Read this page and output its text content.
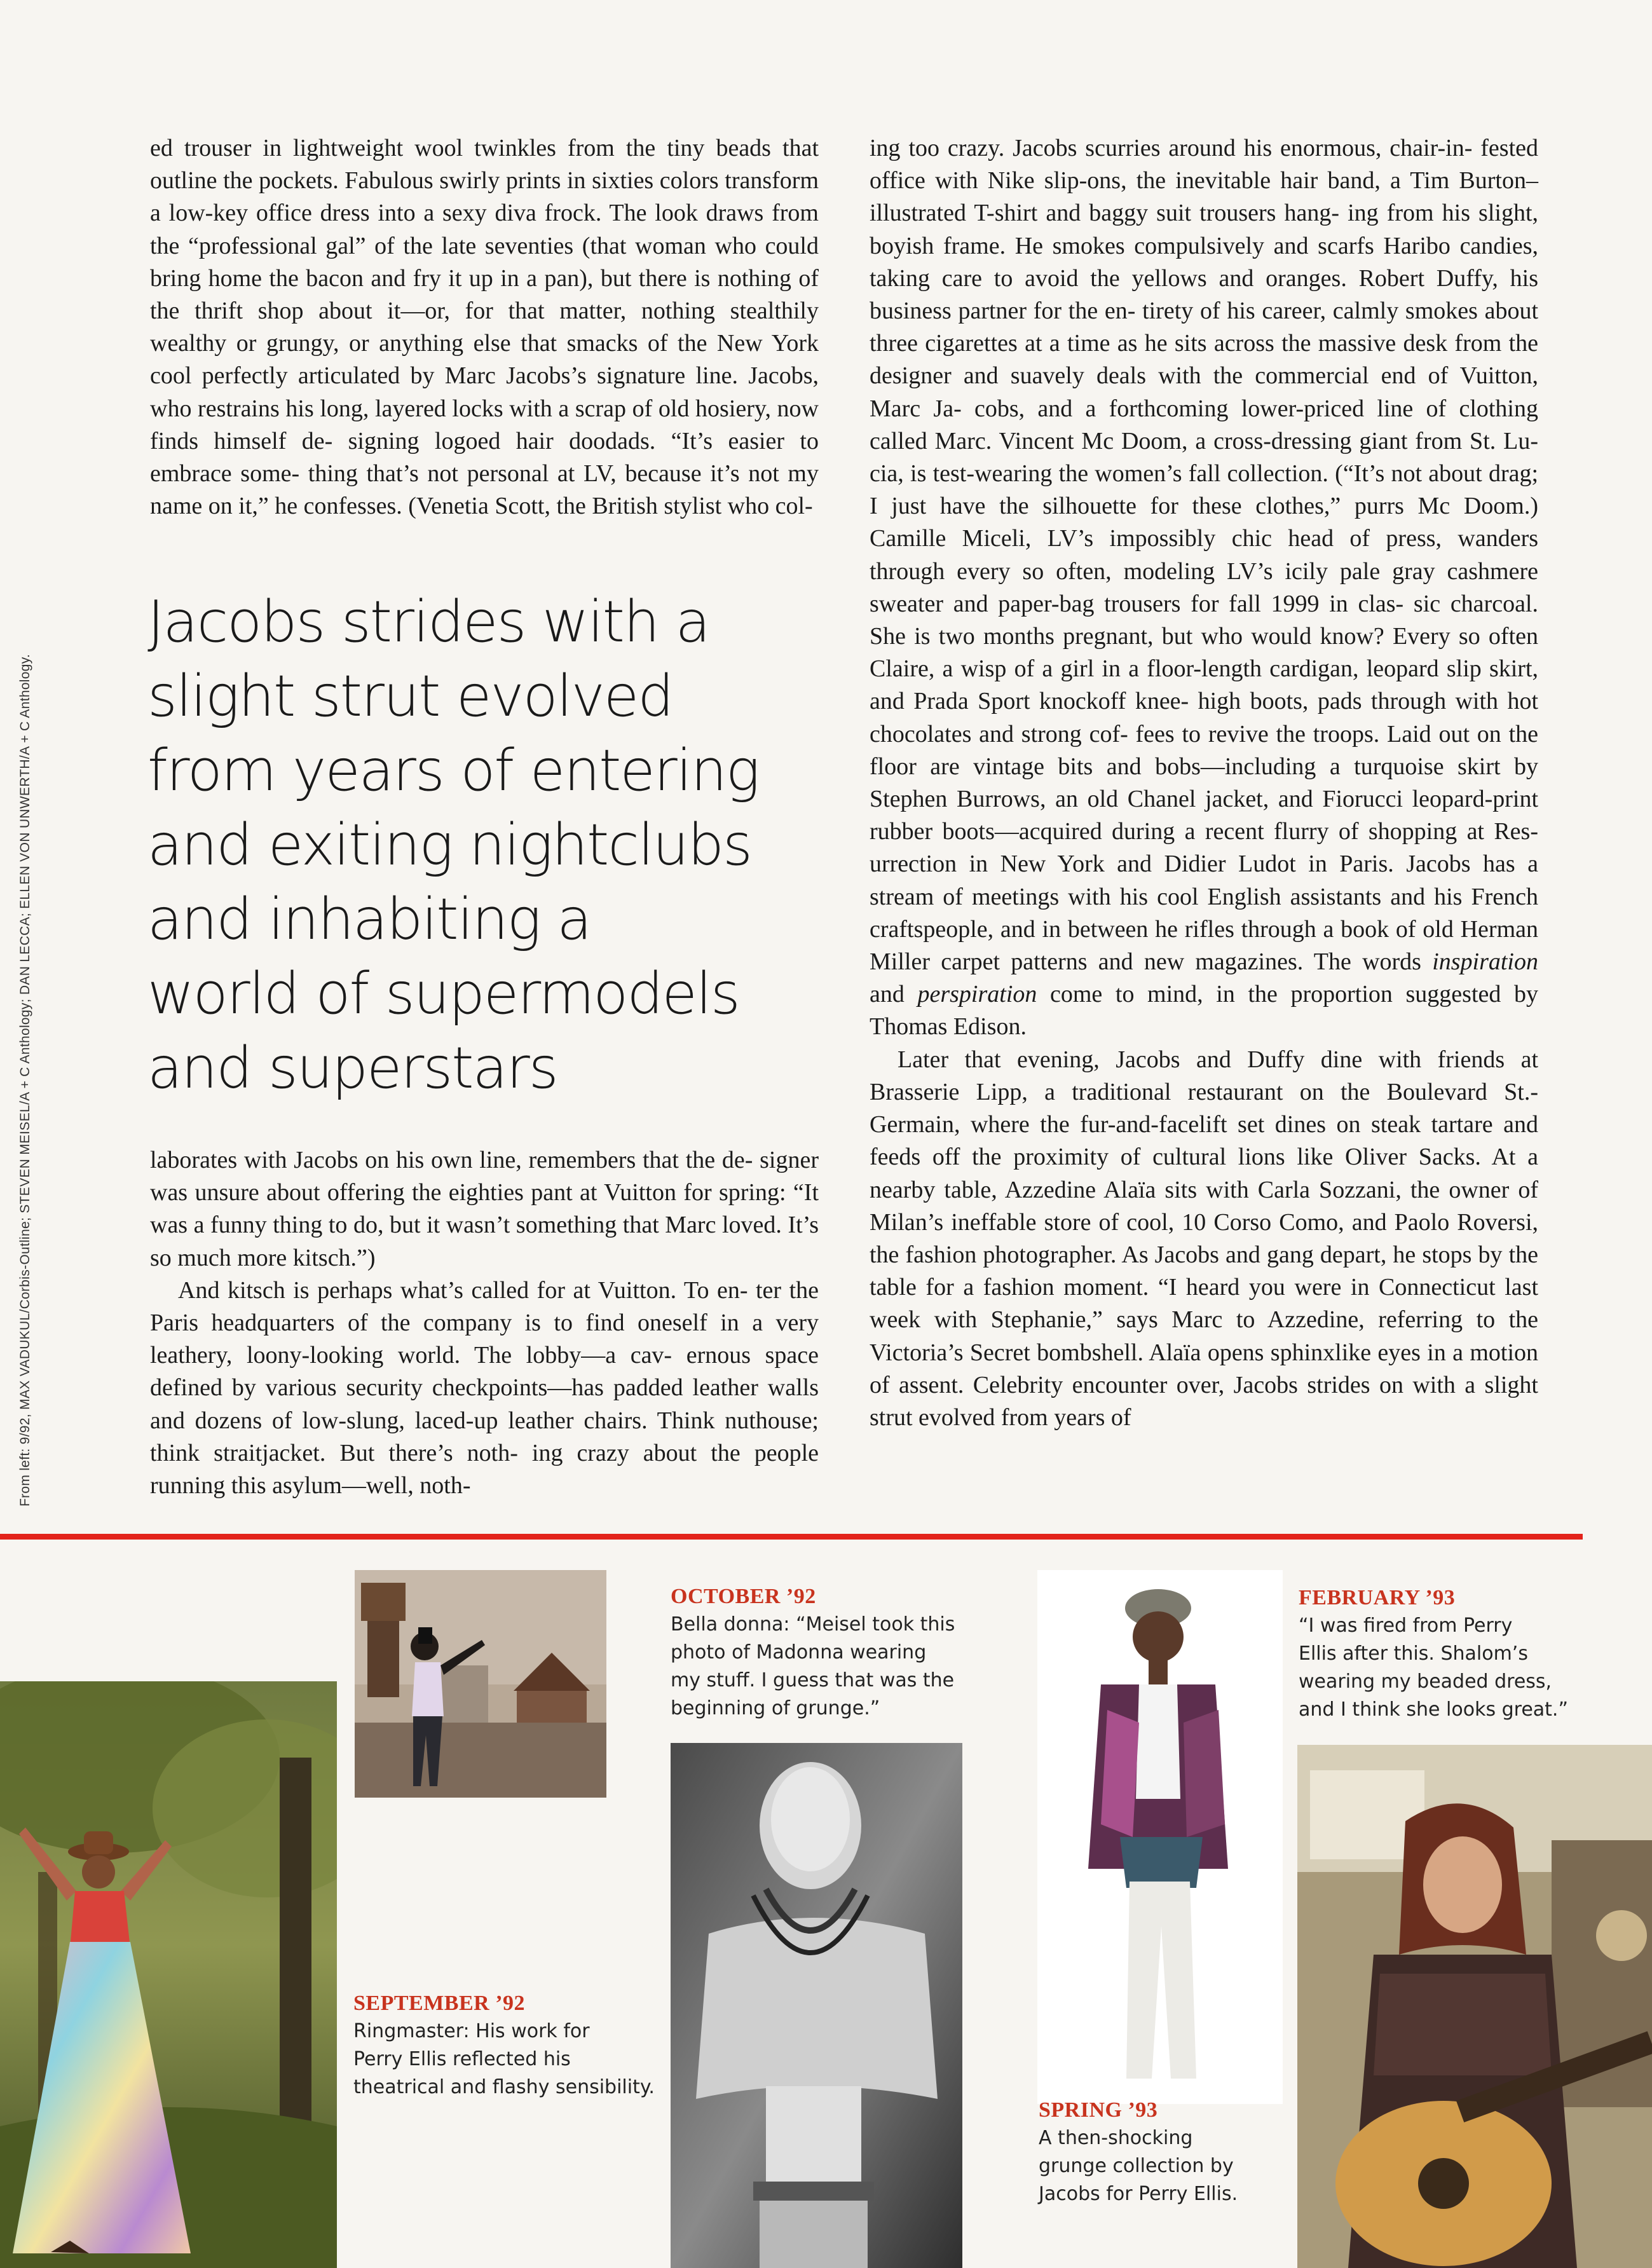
From left: 9/92, MAX VADUKUL/Corbis-Outline; STEVEN MEISEL/A + C Anthology; DAN LECCA; ELLEN VON UNWERTH/A + C Anthology.

ed trouser in lightweight wool twinkles from the tiny beads that outline the pockets. Fabulous swirly prints in sixties colors transform a low-key office dress into a sexy diva frock. The look draws from the “professional gal” of the late seventies (that woman who could bring home the bacon and fry it up in a pan), but there is nothing of the thrift shop about it—or, for that matter, nothing stealthily wealthy or grungy, or anything else that smacks of the New York cool perfectly articulated by Marc Jacobs’s signature line. Jacobs, who restrains his long, layered locks with a scrap of old hosiery, now finds himself de- signing logoed hair doodads. “It’s easier to embrace some- thing that’s not personal at LV, because it’s not my name on it,” he confesses. (Venetia Scott, the British stylist who col-

Jacobs strides with a
slight strut evolved
from years of entering
and exiting nightclubs
and inhabiting a
world of supermodels
and superstars

laborates with Jacobs on his own line, remembers that the de- signer was unsure about offering the eighties pant at Vuitton for spring: “It was a funny thing to do, but it wasn’t something that Marc loved. It’s so much more kitsch.”)

And kitsch is perhaps what’s called for at Vuitton. To en- ter the Paris headquarters of the company is to find oneself in a very leathery, loony-looking world. The lobby—a cav- ernous space defined by various security checkpoints—has padded leather walls and dozens of low-slung, laced-up leather chairs. Think nuthouse; think straitjacket. But there’s noth- ing crazy about the people running this asylum—well, noth-

ing too crazy. Jacobs scurries around his enormous, chair-in- fested office with Nike slip-ons, the inevitable hair band, a Tim Burton–illustrated T-shirt and baggy suit trousers hang- ing from his slight, boyish frame. He smokes compulsively and scarfs Haribo candies, taking care to avoid the yellows and oranges. Robert Duffy, his business partner for the en- tirety of his career, calmly smokes about three cigarettes at a time as he sits across the massive desk from the designer and suavely deals with the commercial end of Vuitton, Marc Ja- cobs, and a forthcoming lower-priced line of clothing called Marc. Vincent Mc Doom, a cross-dressing giant from St. Lu- cia, is test-wearing the women’s fall collection. (“It’s not about drag; I just have the silhouette for these clothes,” purrs Mc Doom.) Camille Miceli, LV’s impossibly chic head of press, wanders through every so often, modeling LV’s icily pale gray cashmere sweater and paper-bag trousers for fall 1999 in clas- sic charcoal. She is two months pregnant, but who would know? Every so often Claire, a wisp of a girl in a floor-length cardigan, leopard slip skirt, and Prada Sport knockoff knee- high boots, pads through with hot chocolates and strong cof- fees to revive the troops. Laid out on the floor are vintage bits and bobs—including a turquoise skirt by Stephen Burrows, an old Chanel jacket, and Fiorucci leopard-print rubber boots—acquired during a recent flurry of shopping at Res- urrection in New York and Didier Ludot in Paris. Jacobs has a stream of meetings with his cool English assistants and his French craftspeople, and in between he rifles through a book of old Herman Miller carpet patterns and new magazines. The words inspiration and perspiration come to mind, in the proportion suggested by Thomas Edison.

Later that evening, Jacobs and Duffy dine with friends at Brasserie Lipp, a traditional restaurant on the Boulevard St.- Germain, where the fur-and-facelift set dines on steak tartare and feeds off the proximity of cultural lions like Oliver Sacks. At a nearby table, Azzedine Alaïa sits with Carla Sozzani, the owner of Milan’s ineffable store of cool, 10 Corso Como, and Paolo Roversi, the fashion photographer. As Jacobs and gang depart, he stops by the table for a fashion moment. “I heard you were in Connecticut last week with Stephanie,” says Marc to Azzedine, referring to the Victoria’s Secret bombshell. Alaïa opens sphinxlike eyes in a motion of assent. Celebrity encounter over, Jacobs strides on with a slight strut evolved from years of

SEPTEMBER ’92
Ringmaster: His work for
Perry Ellis reflected his
theatrical and flashy sensibility.
OCTOBER ’92
Bella donna: “Meisel took this
photo of Madonna wearing
my stuff. I guess that was the
beginning of grunge.”
SPRING ’93
A then-shocking
grunge collection by
Jacobs for Perry Ellis.
FEBRUARY ’93
“I was fired from Perry
Ellis after this. Shalom’s
wearing my beaded dress,
and I think she looks great.”
